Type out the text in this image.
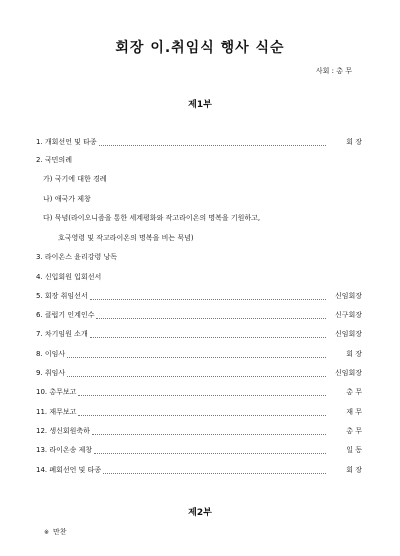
회장 이.취임식 행사 식순
사회 : 총 무
제1부
1. 개회선언 및 타종	회 장
2. 국민의례
가) 국기에 대한 경례
나) 애국가 제창
다) 묵념(라이오니즘을 통한 세계평화와 작고라이온의 명복을 기원하고,
호국영령 및 작고라이온의 명복을 비는 묵념)
3. 라이온스 윤리강령 낭독
4. 신입회원 입회선서
5. 회장 취임선서	신임회장
6. 클럽기 인계인수	신구회장
7. 차기임원 소개	신임회장
8. 이임사	회 장
9. 취임사	신임회장
10. 총무보고	총 무
11. 재무보고	재 무
12. 생신회원축하	총 무
13. 라이온송 제창	일 동
14. 폐회선언 및 타종	회 장
제2부
※ 만찬
